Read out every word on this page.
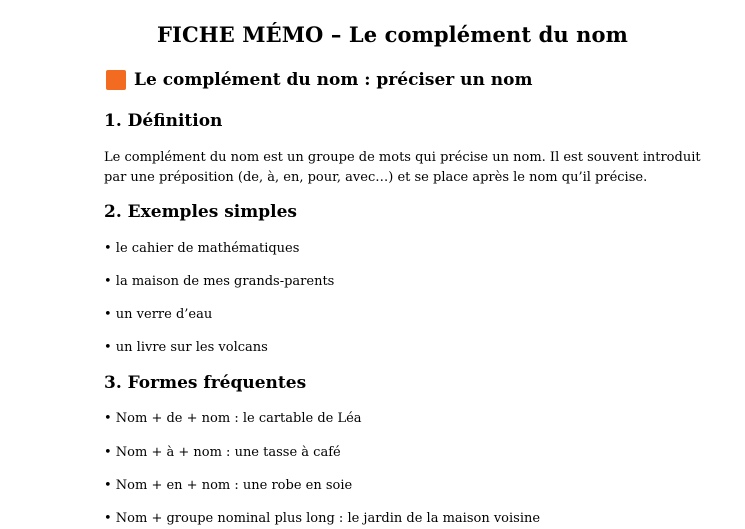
FICHE MÉMO – Le complément du nom
Le complément du nom : préciser un nom
1. Définition
Le complément du nom est un groupe de mots qui précise un nom. Il est souvent introduit
par une préposition (de, à, en, pour, avec…) et se place après le nom qu’il précise.
2. Exemples simples
• le cahier de mathématiques
• la maison de mes grands-parents
• un verre d’eau
• un livre sur les volcans
3. Formes fréquentes
• Nom + de + nom : le cartable de Léa
• Nom + à + nom : une tasse à café
• Nom + en + nom : une robe en soie
• Nom + groupe nominal plus long : le jardin de la maison voisine
